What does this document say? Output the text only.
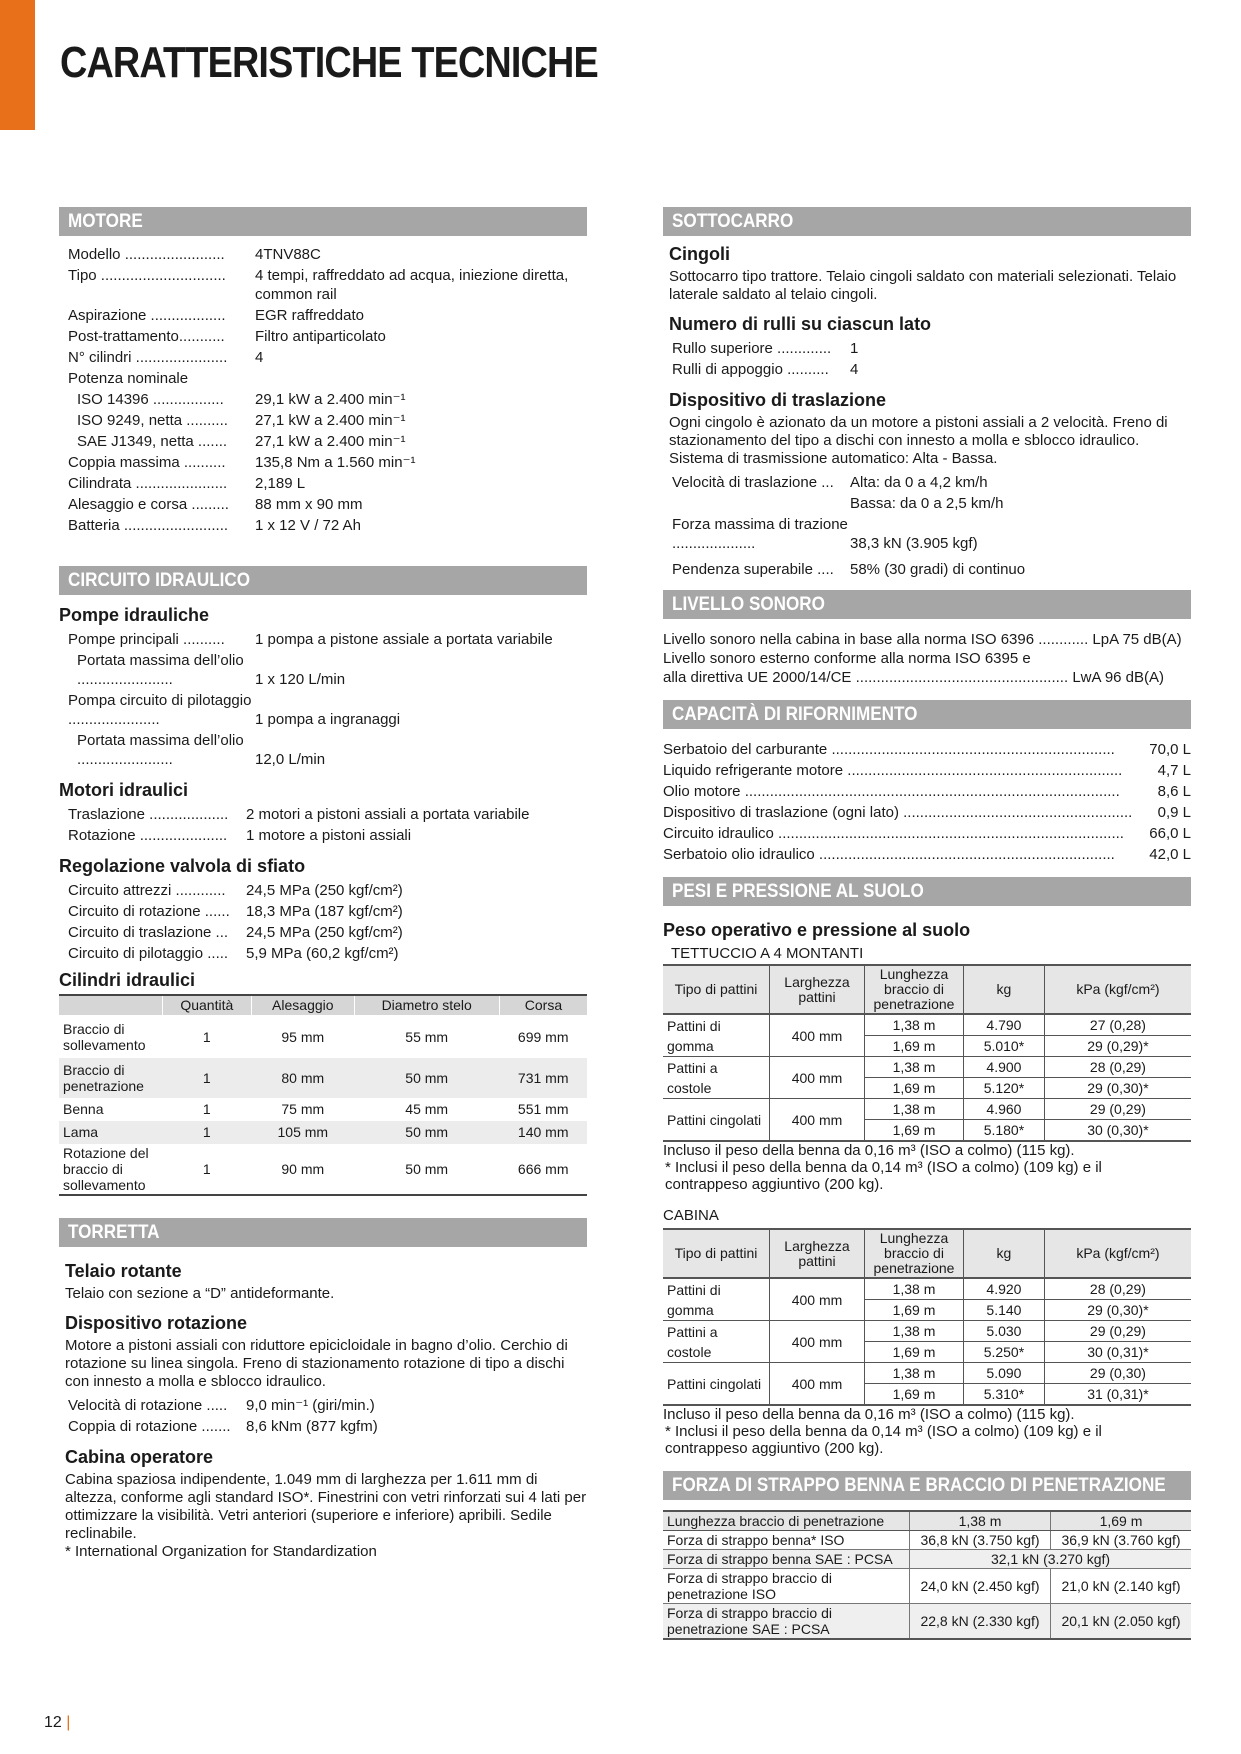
CARATTERISTICHE TECNICHE
MOTORE
Modello ........................	4TNV88C
Tipo ..............................	4 tempi, raffreddato ad acqua, iniezione diretta, common rail
Aspirazione ..................	EGR raffreddato
Post-trattamento...........	Filtro antiparticolato
N° cilindri ......................	4
Potenza nominale	
ISO 14396 .................	29,1 kW a 2.400 min⁻¹
ISO 9249, netta ..........	27,1 kW a 2.400 min⁻¹
SAE J1349, netta .......	27,1 kW a 2.400 min⁻¹
Coppia massima ..........	135,8 Nm a 1.560 min⁻¹
Cilindrata ......................	2,189 L
Alesaggio e corsa .........	88 mm x 90 mm
Batteria .........................	1 x 12 V / 72 Ah
CIRCUITO IDRAULICO
Pompe idrauliche
Pompe principali ..........	1 pompa a pistone assiale a portata variabile
Portata massima dell’olio .......................	1 x 120 L/min
Pompa circuito di pilotaggio ......................	1 pompa a ingranaggi
Portata massima dell’olio .......................	12,0 L/min
Motori idraulici
Traslazione ...................	2 motori a pistoni assiali a portata variabile
Rotazione .....................	1 motore a pistoni assiali
Regolazione valvola di sfiato
Circuito attrezzi ............	24,5 MPa (250 kgf/cm²)
Circuito di rotazione ......	18,3 MPa (187 kgf/cm²)
Circuito di traslazione ...	24,5 MPa (250 kgf/cm²)
Circuito di pilotaggio .....	5,9 MPa (60,2 kgf/cm²)
Cilindri idraulici
	Quantità	Alesaggio	Diametro stelo	Corsa
Braccio di sollevamento	1	95 mm	55 mm	699 mm
Braccio di penetrazione	1	80 mm	50 mm	731 mm
Benna	1	75 mm	45 mm	551 mm
Lama	1	105 mm	50 mm	140 mm
Rotazione del braccio di sollevamento	1	90 mm	50 mm	666 mm
TORRETTA
Telaio rotante

Telaio con sezione a “D” antideformante.

Dispositivo rotazione

Motore a pistoni assiali con riduttore epicicloidale in bagno d’olio. Cerchio di rotazione su linea singola. Freno di stazionamento rotazione di tipo a dischi con innesto a molla e sblocco idraulico.

Velocità di rotazione .....	9,0 min⁻¹ (giri/min.)
Coppia di rotazione .......	8,6 kNm (877 kgfm)
Cabina operatore

Cabina spaziosa indipendente, 1.049 mm di larghezza per 1.611 mm di altezza, conforme agli standard ISO*. Finestrini con vetri rinforzati sui 4 lati per ottimizzare la visibilità. Vetri anteriori (superiore e inferiore) apribili. Sedile reclinabile.

* International Organization for Standardization

SOTTOCARRO
Cingoli

Sottocarro tipo trattore. Telaio cingoli saldato con materiali selezionati. Telaio laterale saldato al telaio cingoli.

Numero di rulli su ciascun lato
Rullo superiore .............	1
Rulli di appoggio ..........	4
Dispositivo di traslazione

Ogni cingolo è azionato da un motore a pistoni assiali a 2 velocità. Freno di stazionamento del tipo a dischi con innesto a molla e sblocco idraulico. Sistema di trasmissione automatico: Alta - Bassa.

Velocità di traslazione ...	Alta: da 0 a 4,2 km/h
	Bassa: da 0 a 2,5 km/h
Forza massima di trazione ....................	38,3 kN (3.905 kgf)
Pendenza superabile ....	58% (30 gradi) di continuo
LIVELLO SONORO

Livello sonoro nella cabina in base alla norma ISO 6396 ............ LpA 75 dB(A)

Livello sonoro esterno conforme alla norma ISO 6395 e

alla direttiva UE 2000/14/CE ................................................... LwA 96 dB(A)

CAPACITÀ DI RIFORNIMENTO
Serbatoio del carburante .................................................................... 70,0 L
Liquido refrigerante motore .................................................................. 4,7 L
Olio motore ..........................................................................................	8,6 L
Dispositivo di traslazione (ogni lato) ....................................................... 0,9 L
Circuito idraulico ................................................................................... 66,0 L
Serbatoio olio idraulico ....................................................................... 42,0 L
PESI E PRESSIONE AL SUOLO
Peso operativo e pressione al suolo
TETTUCCIO A 4 MONTANTI
Tipo di pattini	Larghezza pattini	Lunghezza braccio di penetrazione	kg	kPa (kgf/cm²)
Pattini di gomma	400 mm	1,38 m	4.790	27 (0,28)
		1,69 m	5.010*	29 (0,29)*
Pattini a costole	400 mm	1,38 m	4.900	28 (0,29)
		1,69 m	5.120*	29 (0,30)*
Pattini cingolati	400 mm	1,38 m	4.960	29 (0,29)
		1,69 m	5.180*	30 (0,30)*

Incluso il peso della benna da 0,16 m³ (ISO a colmo) (115 kg).

* Inclusi il peso della benna da 0,14 m³ (ISO a colmo) (109 kg) e il contrappeso aggiuntivo (200 kg).

CABINA
Tipo di pattini	Larghezza pattini	Lunghezza braccio di penetrazione	kg	kPa (kgf/cm²)
Pattini di gomma	400 mm	1,38 m	4.920	28 (0,29)
		1,69 m	5.140	29 (0,30)*
Pattini a costole	400 mm	1,38 m	5.030	29 (0,29)
		1,69 m	5.250*	30 (0,31)*
Pattini cingolati	400 mm	1,38 m	5.090	29 (0,30)
		1,69 m	5.310*	31 (0,31)*

Incluso il peso della benna da 0,16 m³ (ISO a colmo) (115 kg).

* Inclusi il peso della benna da 0,14 m³ (ISO a colmo) (109 kg) e il contrappeso aggiuntivo (200 kg).

FORZA DI STRAPPO BENNA E BRACCIO DI PENETRAZIONE
Lunghezza braccio di penetrazione	1,38 m	1,69 m
Forza di strappo benna* ISO	36,8 kN (3.750 kgf)	36,9 kN (3.760 kgf)
Forza di strappo benna SAE : PCSA	32,1 kN (3.270 kgf)	
Forza di strappo braccio di penetrazione ISO	24,0 kN (2.450 kgf)	21,0 kN (2.140 kgf)
Forza di strappo braccio di penetrazione SAE : PCSA	22,8 kN (2.330 kgf)	20,1 kN (2.050 kgf)
12 |
